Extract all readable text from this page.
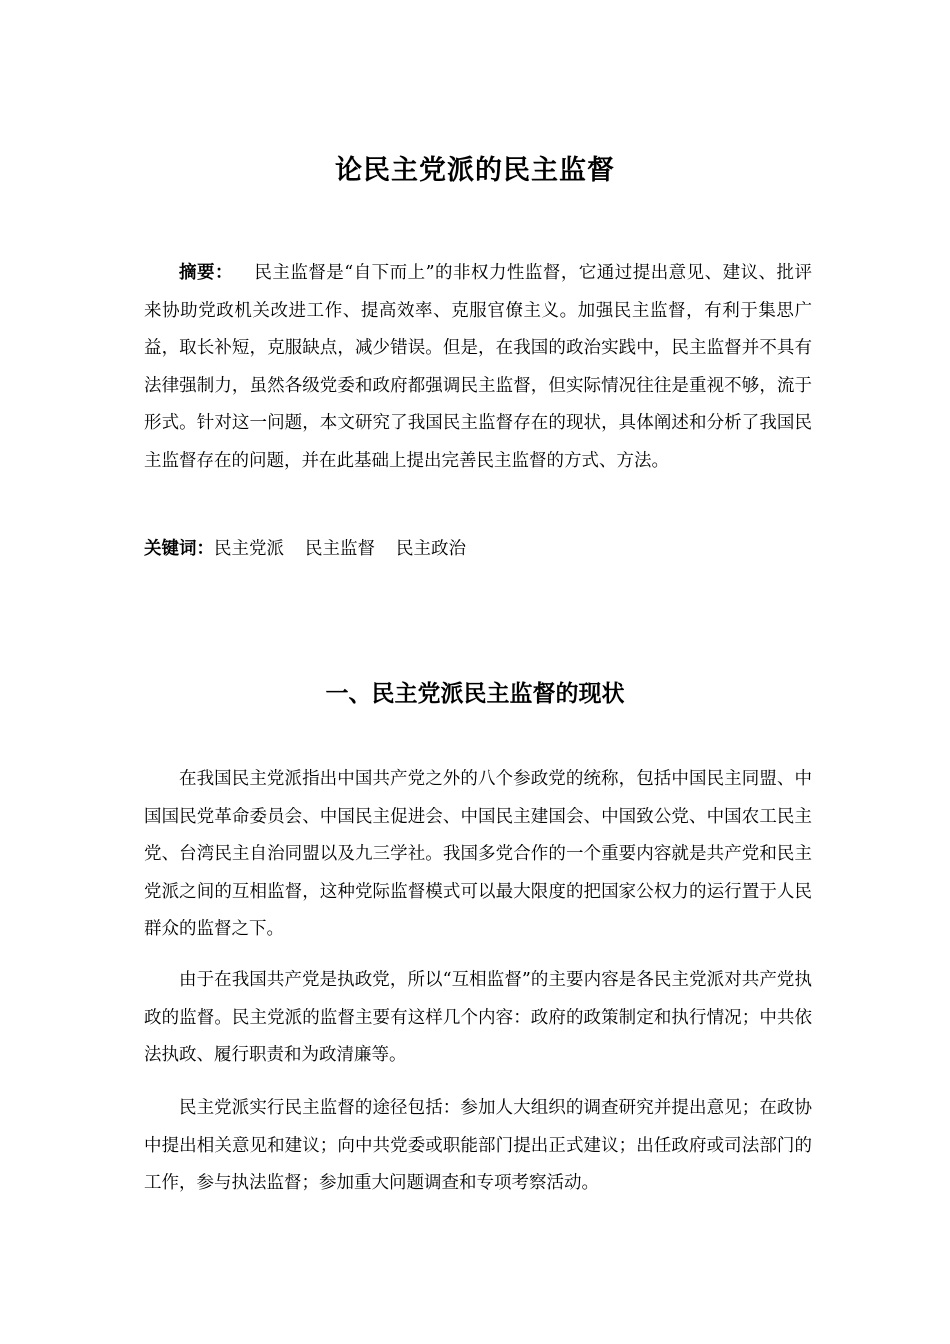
论民主党派的民主监督

摘要： 民主监督是“自下而上”的非权力性监督，它通过提出意见、建议、批评来协助党政机关改进工作、提高效率、克服官僚主义。加强民主监督，有利于集思广益，取长补短，克服缺点，减少错误。但是，在我国的政治实践中，民主监督并不具有法律强制力，虽然各级党委和政府都强调民主监督，但实际情况往往是重视不够，流于形式。针对这一问题，本文研究了我国民主监督存在的现状，具体阐述和分析了我国民主监督存在的问题，并在此基础上提出完善民主监督的方式、方法。

关键词：民主党派 民主监督 民主政治

一、民主党派民主监督的现状

在我国民主党派指出中国共产党之外的八个参政党的统称，包括中国民主同盟、中国国民党革命委员会、中国民主促进会、中国民主建国会、中国致公党、中国农工民主党、台湾民主自治同盟以及九三学社。我国多党合作的一个重要内容就是共产党和民主党派之间的互相监督，这种党际监督模式可以最大限度的把国家公权力的运行置于人民群众的监督之下。

由于在我国共产党是执政党，所以“互相监督”的主要内容是各民主党派对共产党执政的监督。民主党派的监督主要有这样几个内容：政府的政策制定和执行情况；中共依法执政、履行职责和为政清廉等。

民主党派实行民主监督的途径包括：参加人大组织的调查研究并提出意见；在政协中提出相关意见和建议；向中共党委或职能部门提出正式建议；出任政府或司法部门的工作，参与执法监督；参加重大问题调查和专项考察活动。
